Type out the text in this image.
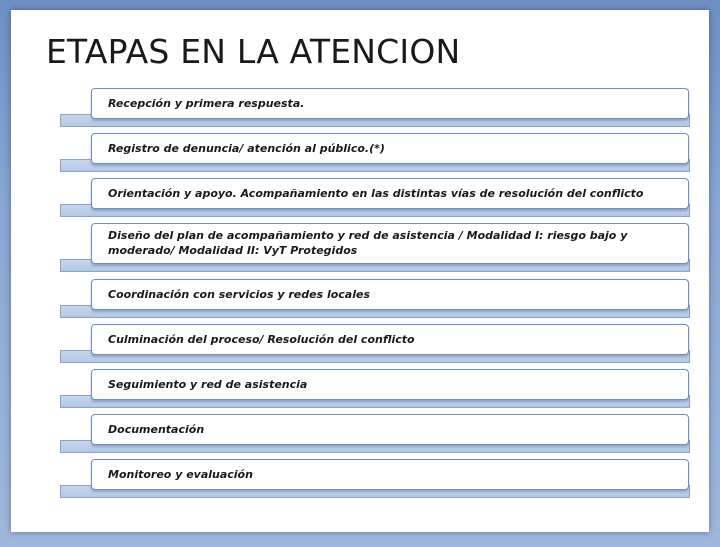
ETAPAS EN LA ATENCION
Recepción y primera respuesta.
Registro de denuncia/ atención al público.(*)
Orientación y apoyo. Acompañamiento en las distintas vías de resolución del conflicto
Diseño del plan de acompañamiento y red de asistencia / Modalidad I: riesgo bajo y moderado/ Modalidad II: VyT Protegidos
Coordinación con servicios y redes locales
Culminación del proceso/ Resolución del conflicto
Seguimiento y red de asistencia
Documentación
Monitoreo y evaluación
